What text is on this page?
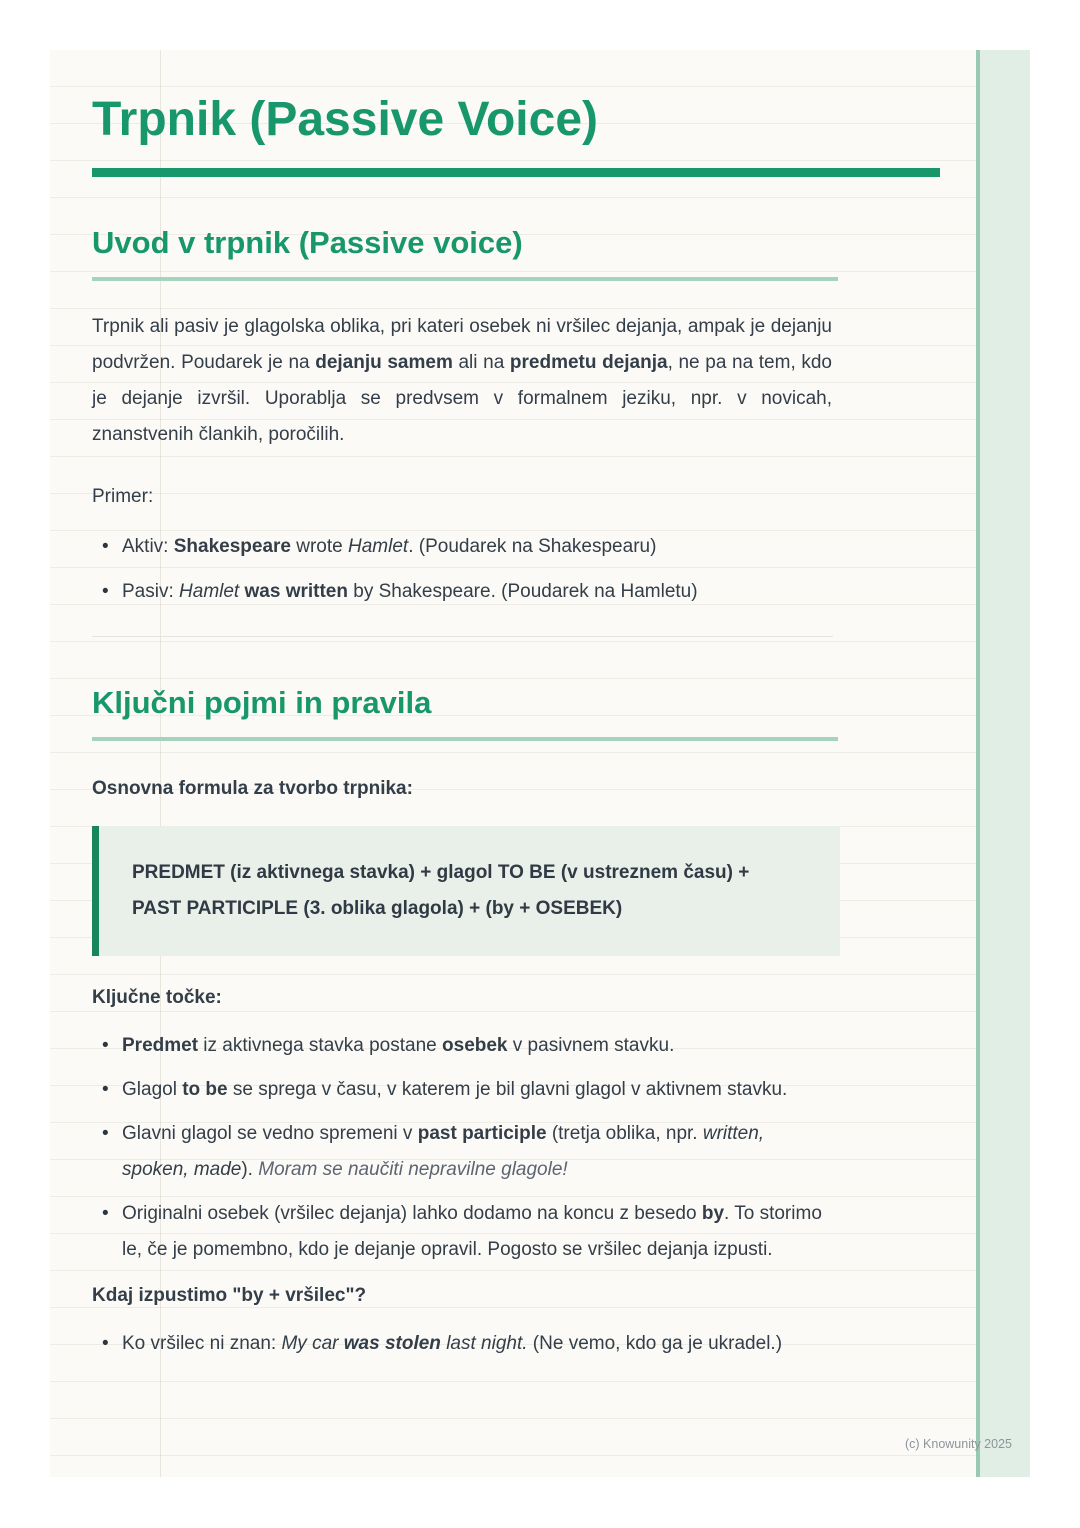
Trpnik (Passive Voice)
Uvod v trpnik (Passive voice)

Trpnik ali pasiv je glagolska oblika, pri kateri osebek ni vršilec dejanja, ampak je dejanju podvržen. Poudarek je na dejanju samem ali na predmetu dejanja, ne pa na tem, kdo je dejanje izvršil. Uporablja se predvsem v formalnem jeziku, npr. v novicah, znanstvenih člankih, poročilih.

Primer:

• Aktiv: Shakespeare wrote Hamlet. (Poudarek na Shakespearu)
• Pasiv: Hamlet was written by Shakespeare. (Poudarek na Hamletu)
Ključni pojmi in pravila

Osnovna formula za tvorbo trpnika:

PREDMET (iz aktivnega stavka) + glagol TO BE (v ustreznem času) + PAST PARTICIPLE (3. oblika glagola) + (by + OSEBEK)

Ključne točke:

• Predmet iz aktivnega stavka postane osebek v pasivnem stavku.
• Glagol to be se sprega v času, v katerem je bil glavni glagol v aktivnem stavku.
• Glavni glagol se vedno spremeni v past participle (tretja oblika, npr. written, spoken, made). Moram se naučiti nepravilne glagole!
• Originalni osebek (vršilec dejanja) lahko dodamo na koncu z besedo by. To storimo le, če je pomembno, kdo je dejanje opravil. Pogosto se vršilec dejanja izpusti.

Kdaj izpustimo "by + vršilec"?

• Ko vršilec ni znan: My car was stolen last night. (Ne vemo, kdo ga je ukradel.)
(c) Knowunity 2025
